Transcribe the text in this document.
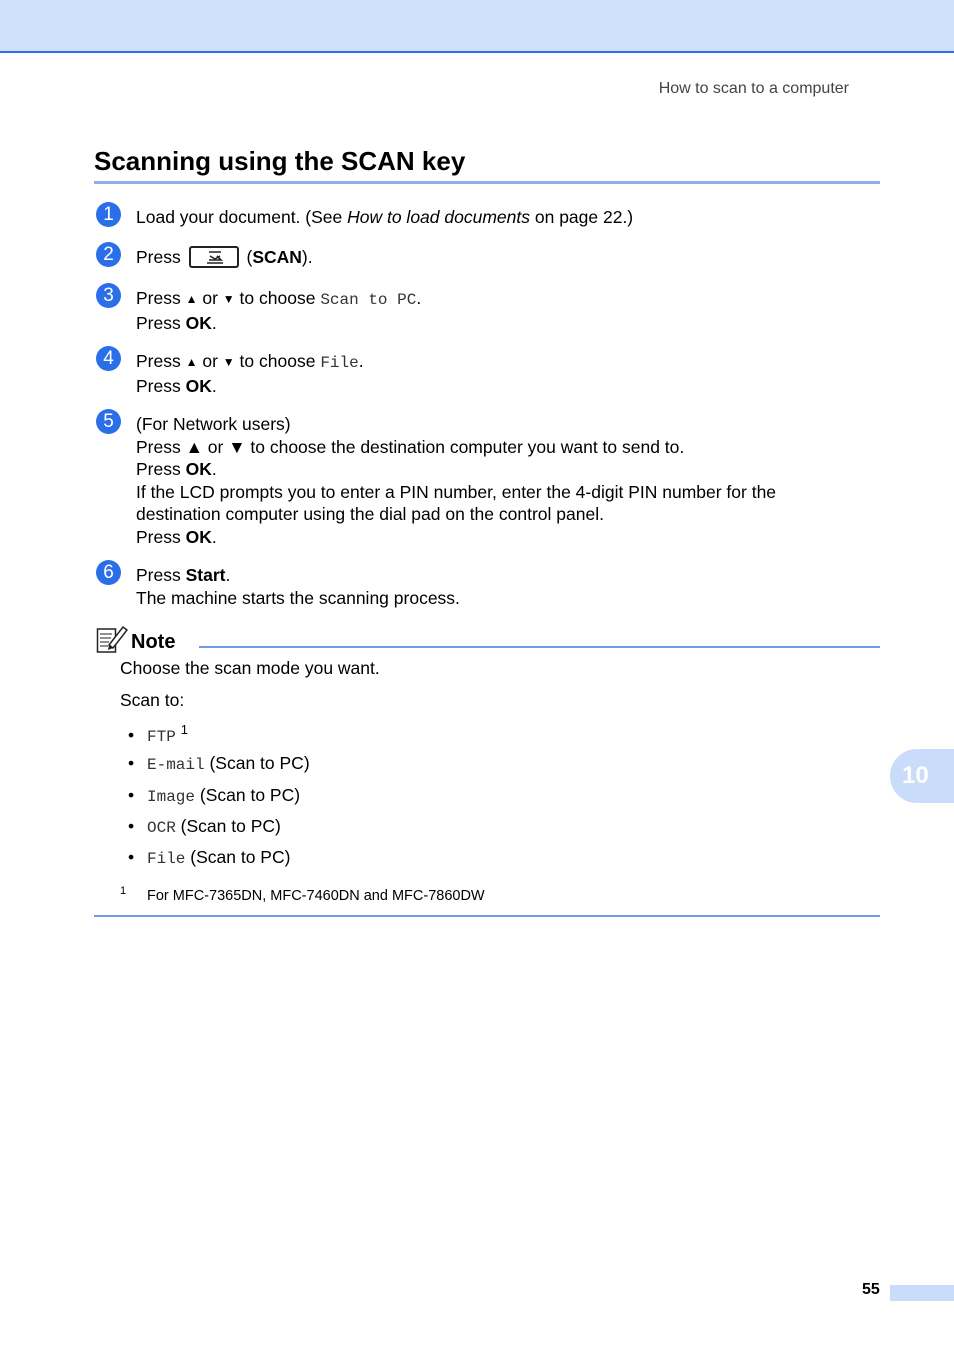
How to scan to a computer
Scanning using the SCAN key
1	Load your document. (See How to load documents on page 22.)
2	Press	(SCAN).
3	Press ▲ or ▼ to choose Scan to PC.
Press OK.
4	Press ▲ or ▼ to choose File.
Press OK.
5	(For Network users)
Press ▲ or ▼ to choose the destination computer you want to send to.
Press OK.
If the LCD prompts you to enter a PIN number, enter the 4-digit PIN number for the
destination computer using the dial pad on the control panel.
Press OK.
6	Press Start.
The machine starts the scanning process.
Note
Choose the scan mode you want.
Scan to:
• FTP $^1$
• E-mail (Scan to PC)
• Image (Scan to PC)
• OCR (Scan to PC)
• File (Scan to PC)
1 For MFC-7365DN, MFC-7460DN and MFC-7860DW
10
55
